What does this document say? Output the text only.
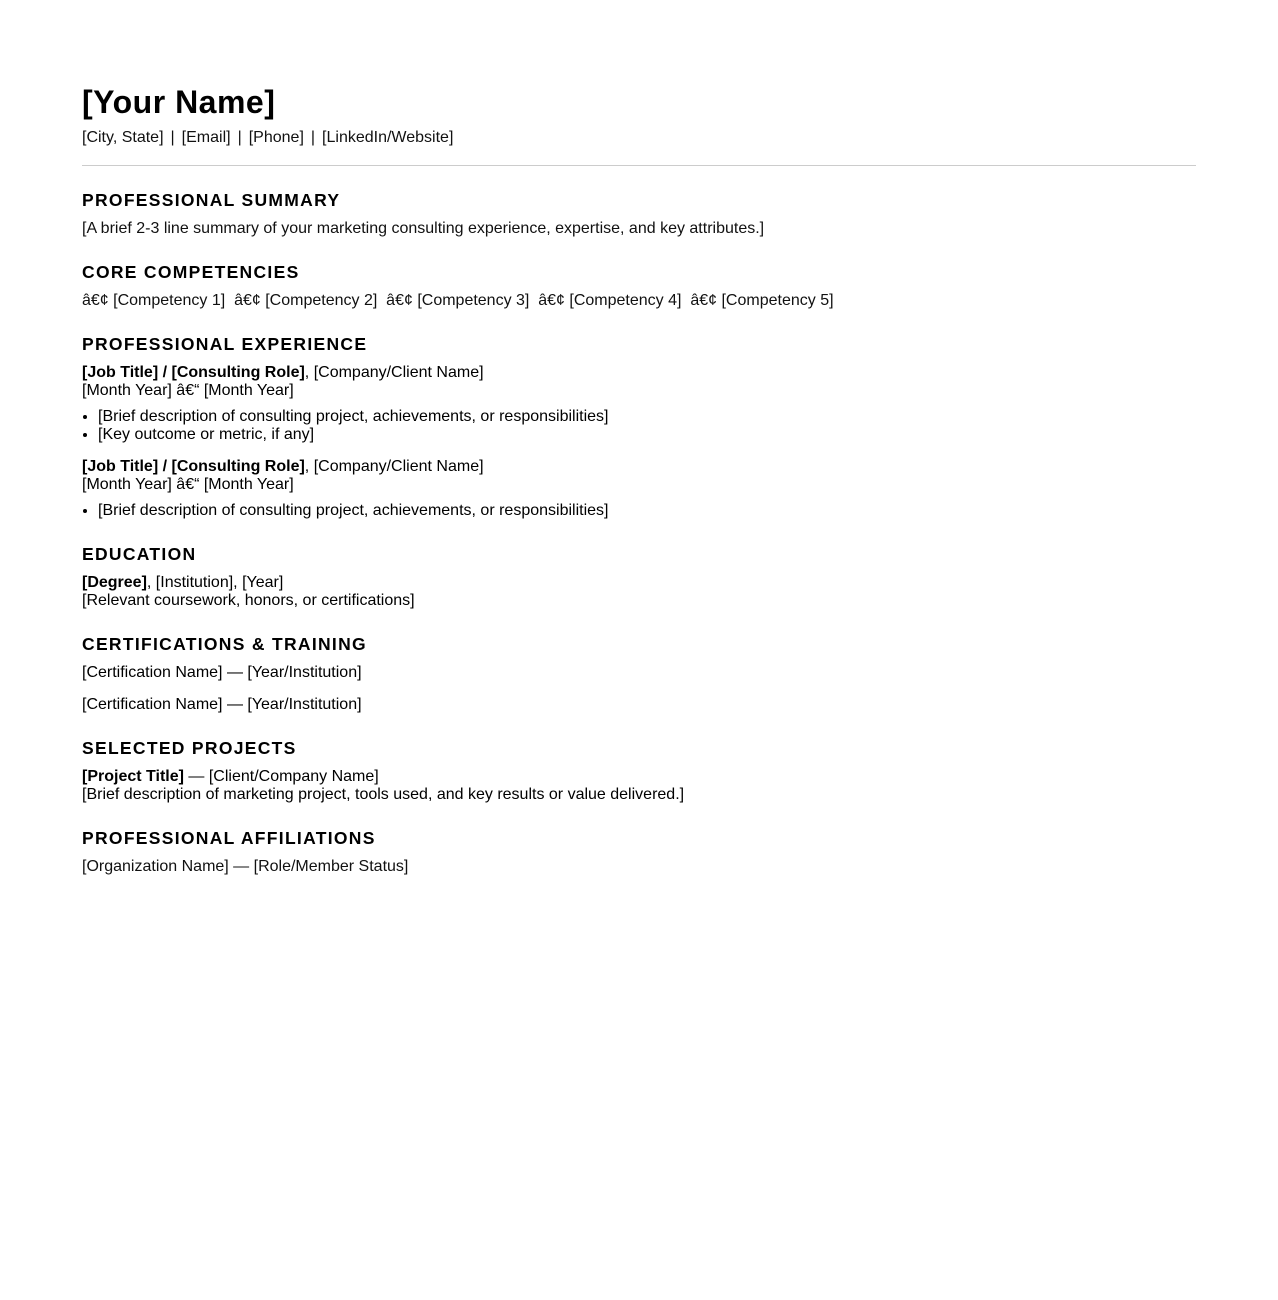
[Your Name]
[City, State] | [Email] | [Phone] | [LinkedIn/Website]
PROFESSIONAL SUMMARY
[A brief 2-3 line summary of your marketing consulting experience, expertise, and key attributes.]
CORE COMPETENCIES
â€¢ [Competency 1]  â€¢ [Competency 2]  â€¢ [Competency 3]  â€¢ [Competency 4]  â€¢ [Competency 5]
PROFESSIONAL EXPERIENCE
[Job Title] / [Consulting Role], [Company/Client Name]
[Month Year] â€“ [Month Year]
• [Brief description of consulting project, achievements, or responsibilities]
• [Key outcome or metric, if any]
[Job Title] / [Consulting Role], [Company/Client Name]
[Month Year] â€“ [Month Year]
• [Brief description of consulting project, achievements, or responsibilities]
EDUCATION
[Degree], [Institution], [Year]
[Relevant coursework, honors, or certifications]
CERTIFICATIONS & TRAINING
[Certification Name] — [Year/Institution]
[Certification Name] — [Year/Institution]
SELECTED PROJECTS
[Project Title] — [Client/Company Name]
[Brief description of marketing project, tools used, and key results or value delivered.]
PROFESSIONAL AFFILIATIONS
[Organization Name] — [Role/Member Status]
